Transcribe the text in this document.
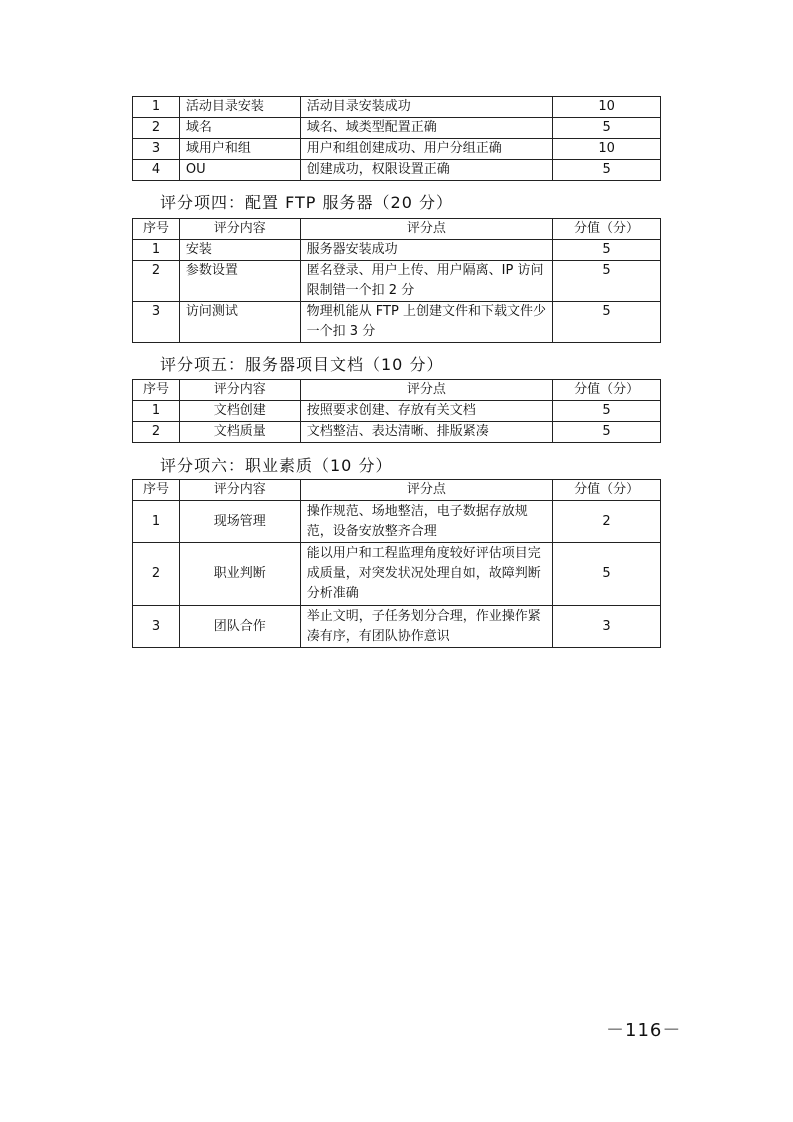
1	活动目录安装	活动目录安装成功	10
2	域名	域名、域类型配置正确	5
3	域用户和组	用户和组创建成功、用户分组正确	10
4	OU	创建成功，权限设置正确	5
评分项四：配置 FTP 服务器（20 分）
序号	评分内容	评分点	分值（分）
1	安装	服务器安装成功	5
2	参数设置	匿名登录、用户上传、用户隔离、IP 访问限制错一个扣 2 分	5
3	访问测试	物理机能从 FTP 上创建文件和下载文件少一个扣 3 分	5
评分项五：服务器项目文档（10 分）
序号	评分内容	评分点	分值（分）
1	文档创建	按照要求创建、存放有关文档	5
2	文档质量	文档整洁、表达清晰、排版紧凑	5
评分项六：职业素质（10 分）
序号	评分内容	评分点	分值（分）
1	现场管理	操作规范、场地整洁，电子数据存放规范，设备安放整齐合理	2
2	职业判断	能以用户和工程监理角度较好评估项目完成质量，对突发状况处理自如，故障判断分析准确	5
3	团队合作	举止文明，子任务划分合理，作业操作紧凑有序，有团队协作意识	3
－116－
